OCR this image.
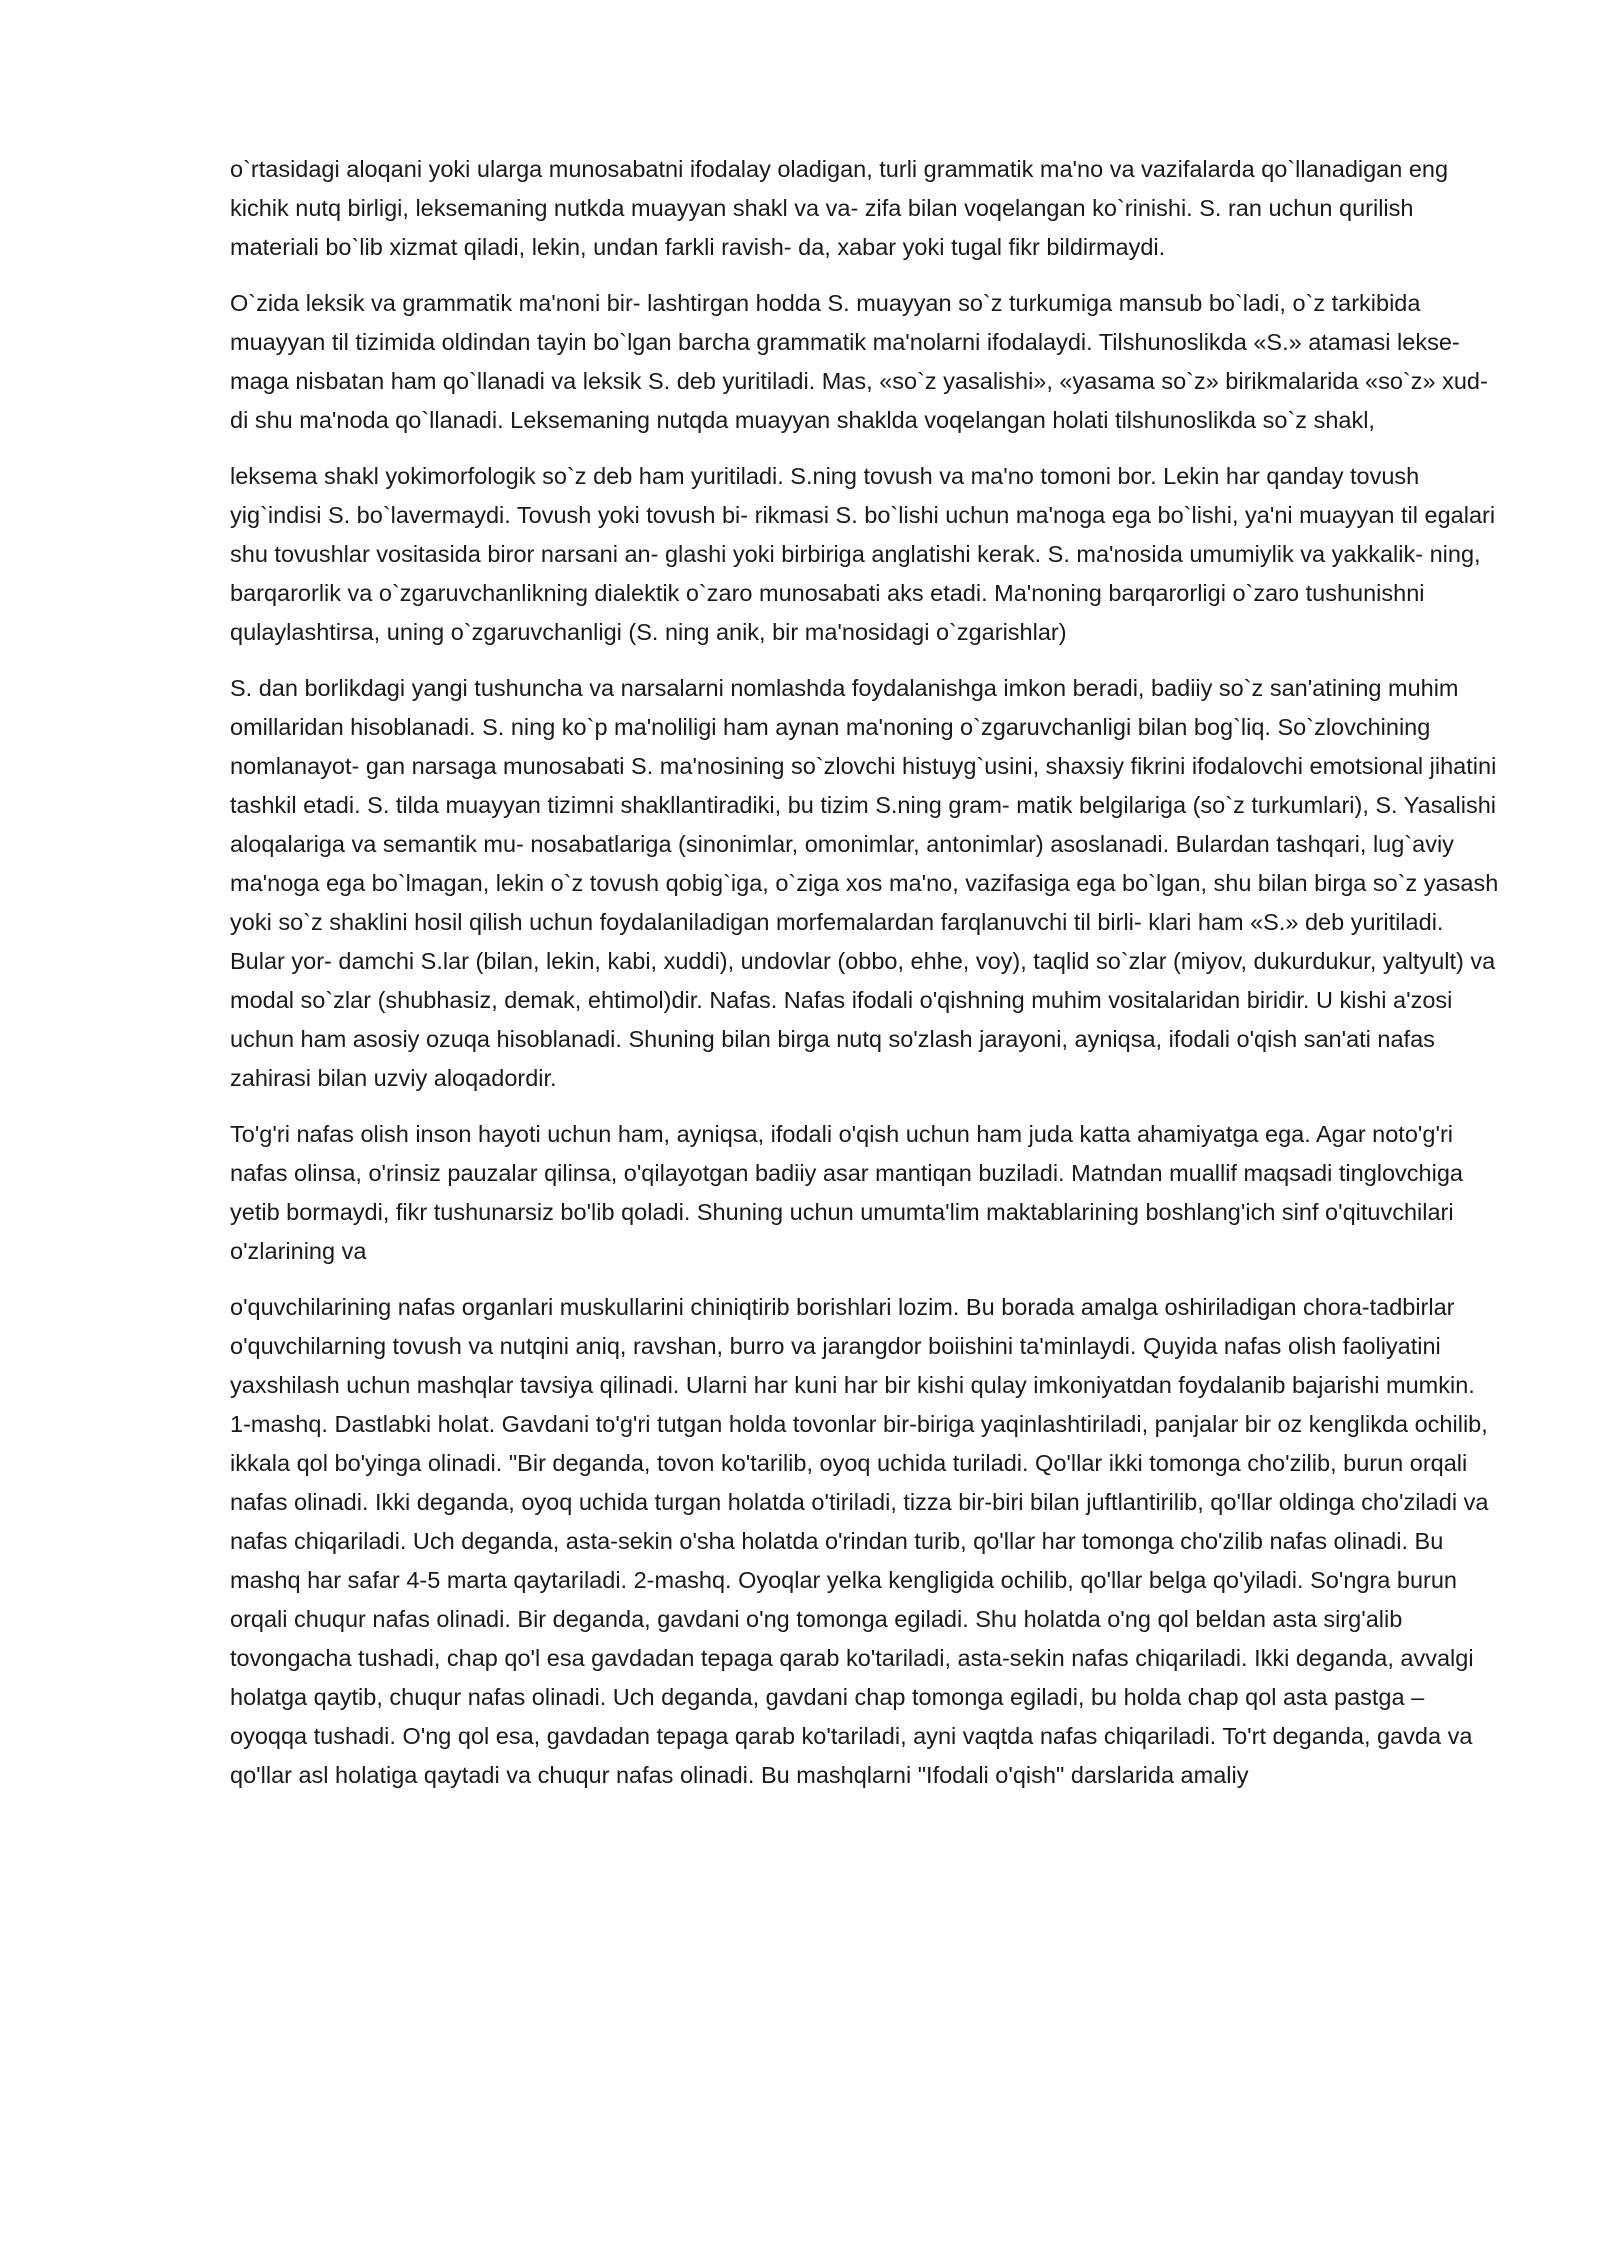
o`rtasidagi aloqani yoki ularga munosabatni ifodalay oladigan, turli grammatik ma'no va vazifalarda qo`llanadigan eng kichik nutq birligi, leksemaning nutkda muayyan shakl va va- zifa bilan voqelangan ko`rinishi. S. ran uchun qurilish materiali bo`lib xizmat qiladi, lekin, undan farkli ravish- da, xabar yoki tugal fikr bildirmaydi.

O`zida leksik va grammatik ma'noni bir- lashtirgan hodda S. muayyan so`z turkumiga mansub bo`ladi, o`z tarkibida muayyan til tizimida oldindan tayin bo`lgan barcha grammatik ma'nolarni ifodalaydi. Tilshunoslikda «S.» atamasi lekse- maga nisbatan ham qo`llanadi va leksik S. deb yuritiladi. Mas, «so`z yasalishi», «yasama so`z» birikmalarida «so`z» xud- di shu ma'noda qo`llanadi. Leksemaning nutqda muayyan shaklda voqelangan holati tilshunoslikda so`z shakl,

leksema shakl yokimorfologik so`z deb ham yuritiladi. S.ning tovush va ma'no tomoni bor. Lekin har qanday tovush yig`indisi S. bo`lavermaydi. Tovush yoki tovush bi- rikmasi S. bo`lishi uchun ma'noga ega bo`lishi, ya'ni muayyan til egalari shu tovushlar vositasida biror narsani an- glashi yoki birbiriga anglatishi kerak. S. ma'nosida umumiylik va yakkalik- ning, barqarorlik va o`zgaruvchanlikning dialektik o`zaro munosabati aks etadi. Ma'noning barqarorligi o`zaro tushunishni qulaylashtirsa, uning o`zgaruvchanligi (S. ning anik, bir ma'nosidagi o`zgarishlar)

S. dan borlikdagi yangi tushuncha va narsalarni nomlashda foydalanishga imkon beradi, badiiy so`z san'atining muhim omillaridan hisoblanadi. S. ning ko`p ma'noliligi ham aynan ma'noning o`zgaruvchanligi bilan bog`liq. So`zlovchining nomlanayot- gan narsaga munosabati S. ma'nosining so`zlovchi histuyg`usini, shaxsiy fikrini ifodalovchi emotsional jihatini tashkil etadi. S. tilda muayyan tizimni shakllantiradiki, bu tizim S.ning gram- matik belgilariga (so`z turkumlari), S. Yasalishi aloqalariga va semantik mu- nosabatlariga (sinonimlar, omonimlar, antonimlar) asoslanadi. Bulardan tashqari, lug`aviy ma'noga ega bo`lmagan, lekin o`z tovush qobig`iga, o`ziga xos ma'no, vazifasiga ega bo`lgan, shu bilan birga so`z yasash yoki so`z shaklini hosil qilish uchun foydalaniladigan morfemalardan farqlanuvchi til birli- klari ham «S.» deb yuritiladi. Bular yor- damchi S.lar (bilan, lekin, kabi, xuddi), undovlar (obbo, ehhe, voy), taqlid so`zlar (miyov, dukurdukur, yaltyult) va modal so`zlar (shubhasiz, demak, ehtimol)dir. Nafas. Nafas ifodali o'qishning muhim vositalaridan biridir. U kishi a'zosi uchun ham asosiy ozuqa hisoblanadi. Shuning bilan birga nutq so'zlash jarayoni, ayniqsa, ifodali o'qish san'ati nafas zahirasi bilan uzviy aloqadordir.

To'g'ri nafas olish inson hayoti uchun ham, ayniqsa, ifodali o'qish uchun ham juda katta ahamiyatga ega. Agar noto'g'ri nafas olinsa, o'rinsiz pauzalar qilinsa, o'qilayotgan badiiy asar mantiqan buziladi. Matndan muallif maqsadi tinglovchiga yetib bormaydi, fikr tushunarsiz bo'lib qoladi. Shuning uchun umumta'lim maktablarining boshlang'ich sinf o'qituvchilari o'zlarining va

o'quvchilarining nafas organlari muskullarini chiniqtirib borishlari lozim. Bu borada amalga oshiriladigan chora-tadbirlar o'quvchilarning tovush va nutqini aniq, ravshan, burro va jarangdor boiishini ta'minlaydi. Quyida nafas olish faoliyatini yaxshilash uchun mashqlar tavsiya qilinadi. Ularni har kuni har bir kishi qulay imkoniyatdan foydalanib bajarishi mumkin. 1-mashq. Dastlabki holat. Gavdani to'g'ri tutgan holda tovonlar bir-biriga yaqinlashtiriladi, panjalar bir oz kenglikda ochilib, ikkala qol bo'yinga olinadi. "Bir deganda, tovon ko'tarilib, oyoq uchida turiladi. Qo'llar ikki tomonga cho'zilib, burun orqali nafas olinadi. Ikki deganda, oyoq uchida turgan holatda o'tiriladi, tizza bir-biri bilan juftlantirilib, qo'llar oldinga cho'ziladi va nafas chiqariladi. Uch deganda, asta-sekin o'sha holatda o'rindan turib, qo'llar har tomonga cho'zilib nafas olinadi. Bu mashq har safar 4-5 marta qaytariladi. 2-mashq. Oyoqlar yelka kengligida ochilib, qo'llar belga qo'yiladi. So'ngra burun orqali chuqur nafas olinadi. Bir deganda, gavdani o'ng tomonga egiladi. Shu holatda o'ng qol beldan asta sirg'alib tovongacha tushadi, chap qo'l esa gavdadan tepaga qarab ko'tariladi, asta-sekin nafas chiqariladi. Ikki deganda, avvalgi holatga qaytib, chuqur nafas olinadi. Uch deganda, gavdani chap tomonga egiladi, bu holda chap qol asta pastga – oyoqqa tushadi. O'ng qol esa, gavdadan tepaga qarab ko'tariladi, ayni vaqtda nafas chiqariladi. To'rt deganda, gavda va qo'llar asl holatiga qaytadi va chuqur nafas olinadi. Bu mashqlarni "Ifodali o'qish" darslarida amaliy
